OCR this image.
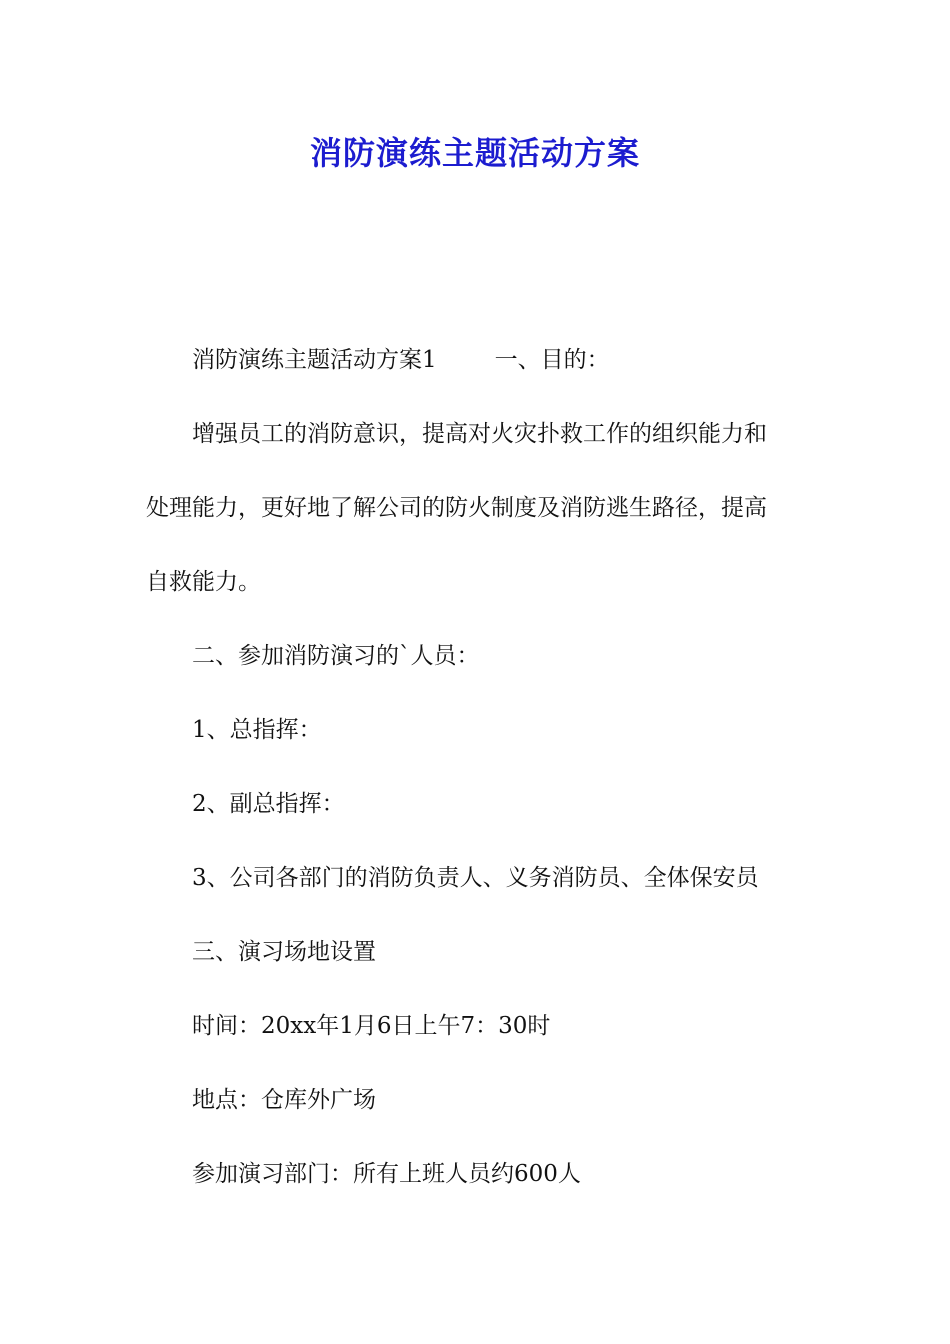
消防演练主题活动方案
消防演练主题活动方案1	一、目的：
增强员工的消防意识，提高对火灾扑救工作的组织能力和
处理能力，更好地了解公司的防火制度及消防逃生路径，提高
自救能力。
二、参加消防演习的`人员：
1、总指挥：
2、副总指挥：
3、公司各部门的消防负责人、义务消防员、全体保安员
三、演习场地设置
时间：20xx年1月6日上午7：30时
地点：仓库外广场
参加演习部门：所有上班人员约600人
